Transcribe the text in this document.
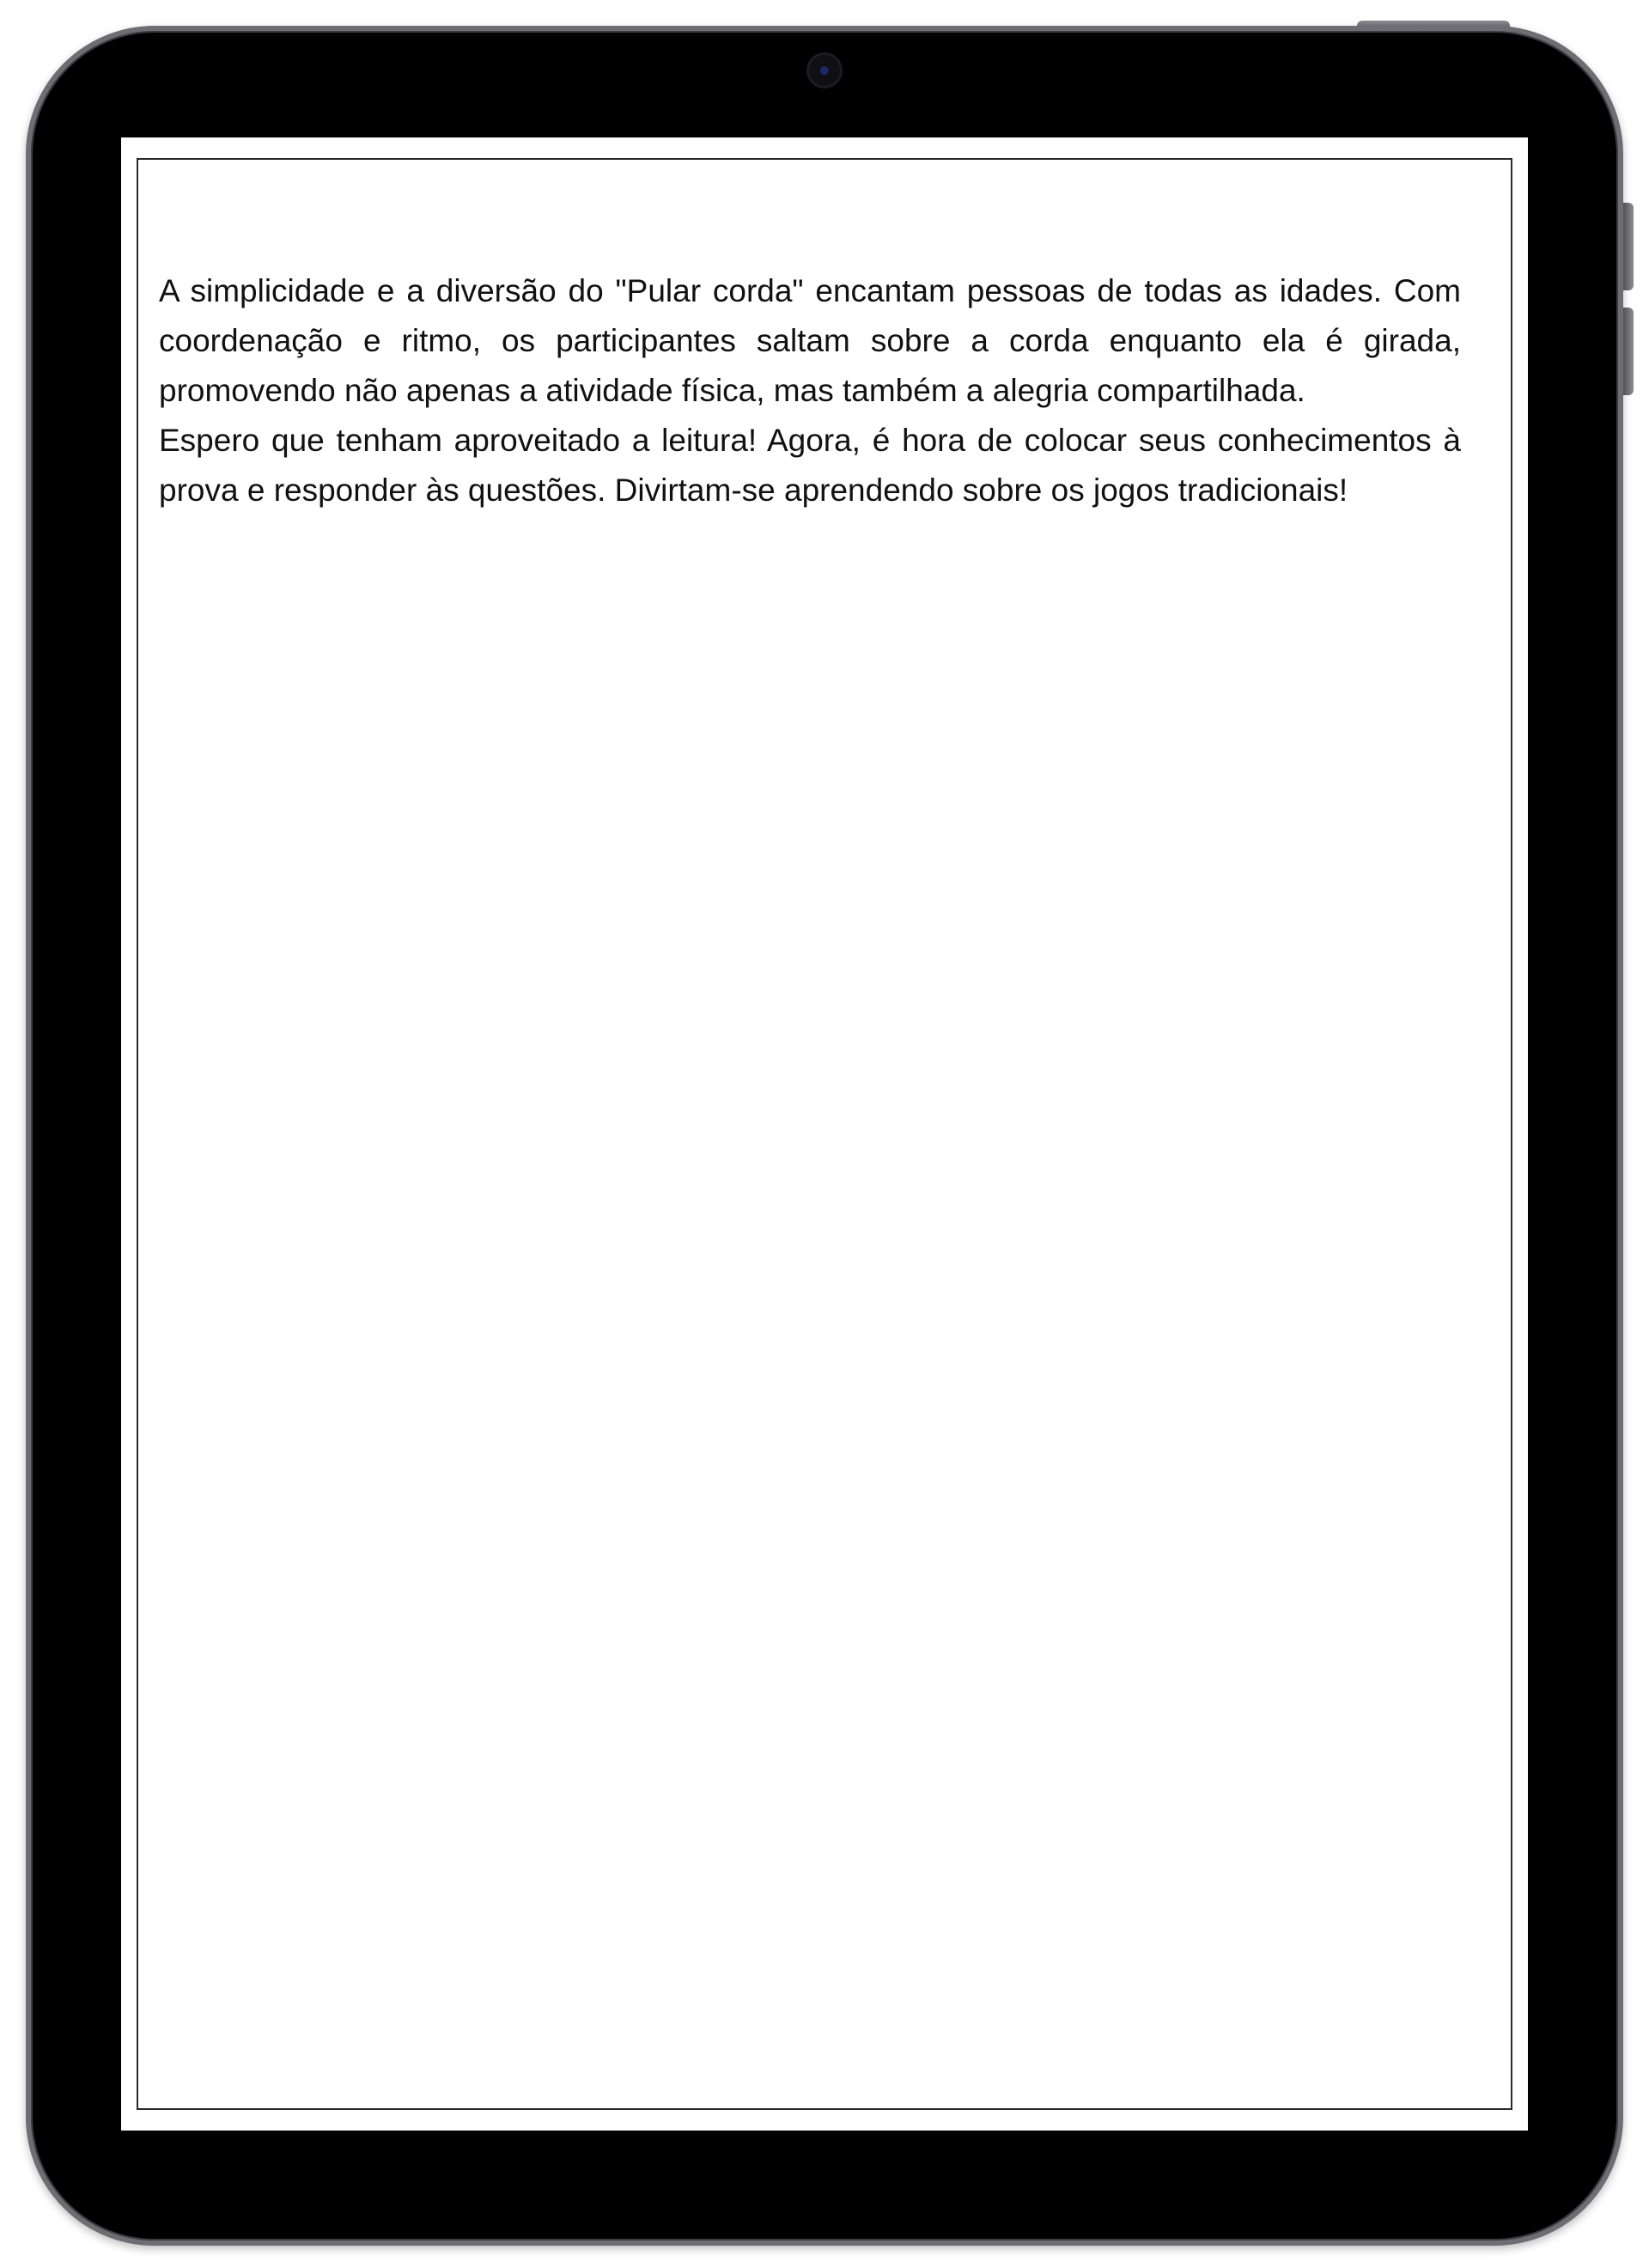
A simplicidade e a diversão do "Pular corda" encantam pessoas de todas as idades. Com coordenação e ritmo, os participantes saltam sobre a corda enquanto ela é girada, promovendo não apenas a atividade física, mas também a alegria compartilhada.

Espero que tenham aproveitado a leitura! Agora, é hora de colocar seus conhecimentos à prova e responder às questões. Divirtam-se aprendendo sobre os jogos tradicionais!
